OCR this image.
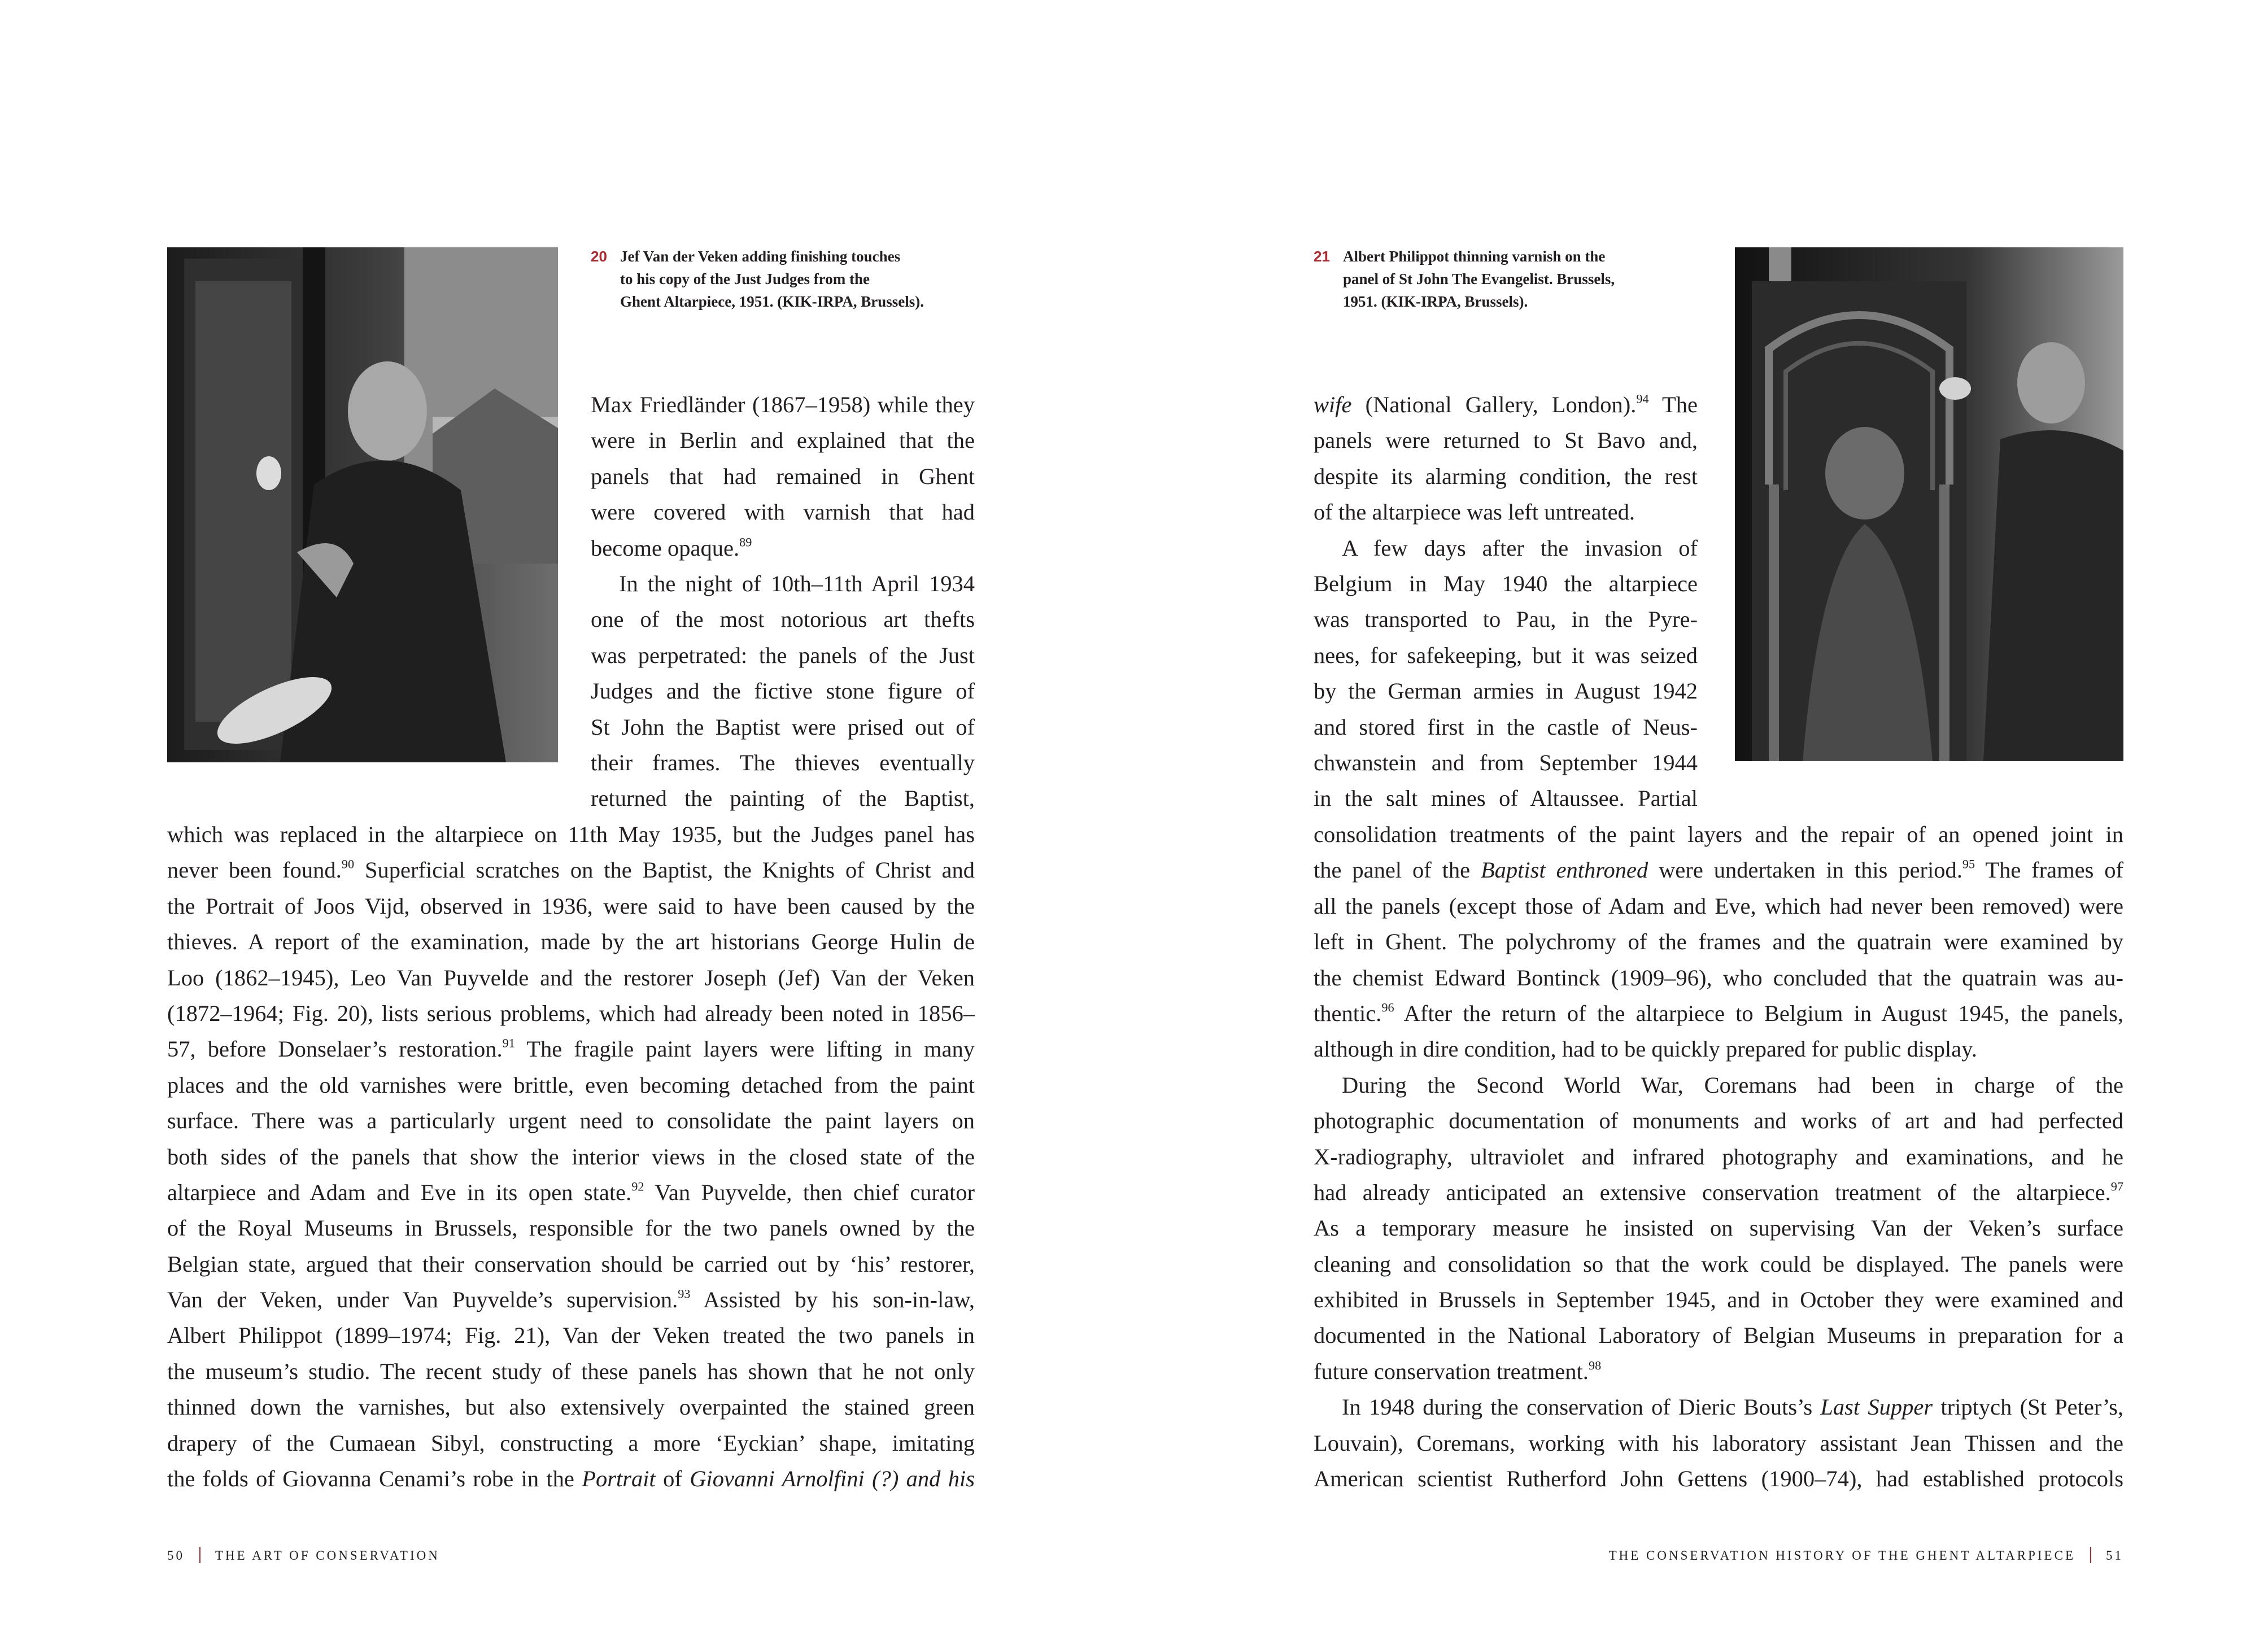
20 Jef Van der Veken adding finishing touches
to his copy of the Just Judges from the
Ghent Altarpiece, 1951. (KIK-IRPA, Brussels).
Max Friedländer (1867–1958) while they
were in Berlin and explained that the
panels that had remained in Ghent
were covered with varnish that had
become opaque.$^{89}$
In the night of 10th–11th April 1934
one of the most notorious art thefts
was perpetrated: the panels of the Just
Judges and the fictive stone figure of
St John the Baptist were prised out of
their frames. The thieves eventually
returned the painting of the Baptist,
which was replaced in the altarpiece on 11th May 1935, but the Judges panel has
never been found.$^{90}$ Superficial scratches on the Baptist, the Knights of Christ and
the Portrait of Joos Vijd, observed in 1936, were said to have been caused by the
thieves. A report of the examination, made by the art historians George Hulin de
Loo (1862–1945), Leo Van Puyvelde and the restorer Joseph (Jef) Van der Veken
(1872–1964; Fig. 20), lists serious problems, which had already been noted in 1856–
57, before Donselaer’s restoration.$^{91}$ The fragile paint layers were lifting in many
places and the old varnishes were brittle, even becoming detached from the paint
surface. There was a particularly urgent need to consolidate the paint layers on
both sides of the panels that show the interior views in the closed state of the
altarpiece and Adam and Eve in its open state.$^{92}$ Van Puyvelde, then chief curator
of the Royal Museums in Brussels, responsible for the two panels owned by the
Belgian state, argued that their conservation should be carried out by ‘his’ restorer,
Van der Veken, under Van Puyvelde’s supervision.$^{93}$ Assisted by his son-in-law,
Albert Philippot (1899–1974; Fig. 21), Van der Veken treated the two panels in
the museum’s studio. The recent study of these panels has shown that he not only
thinned down the varnishes, but also extensively overpainted the stained green
drapery of the Cumaean Sibyl, constructing a more ‘Eyckian’ shape, imitating
the folds of Giovanna Cenami’s robe in the Portrait of Giovanni Arnolfini (?) and his
50 THE ART OF CONSERVATION
21 Albert Philippot thinning varnish on the
panel of St John The Evangelist. Brussels,
1951. (KIK-IRPA, Brussels).
wife (National Gallery, London).$^{94}$ The
panels were returned to St Bavo and,
despite its alarming condition, the rest
of the altarpiece was left untreated.
A few days after the invasion of
Belgium in May 1940 the altarpiece
was transported to Pau, in the Pyre-
nees, for safekeeping, but it was seized
by the German armies in August 1942
and stored first in the castle of Neus-
chwanstein and from September 1944
in the salt mines of Altaussee. Partial
consolidation treatments of the paint layers and the repair of an opened joint in
the panel of the Baptist enthroned were undertaken in this period.$^{95}$ The frames of
all the panels (except those of Adam and Eve, which had never been removed) were
left in Ghent. The polychromy of the frames and the quatrain were examined by
the chemist Edward Bontinck (1909–96), who concluded that the quatrain was au-
thentic.$^{96}$ After the return of the altarpiece to Belgium in August 1945, the panels,
although in dire condition, had to be quickly prepared for public display.
During the Second World War, Coremans had been in charge of the
photographic documentation of monuments and works of art and had perfected
X-radiography, ultraviolet and infrared photography and examinations, and he
had already anticipated an extensive conservation treatment of the altarpiece.$^{97}$
As a temporary measure he insisted on supervising Van der Veken’s surface
cleaning and consolidation so that the work could be displayed. The panels were
exhibited in Brussels in September 1945, and in October they were examined and
documented in the National Laboratory of Belgian Museums in preparation for a
future conservation treatment.$^{98}$
In 1948 during the conservation of Dieric Bouts’s Last Supper triptych (St Peter’s,
Louvain), Coremans, working with his laboratory assistant Jean Thissen and the
American scientist Rutherford John Gettens (1900–74), had established protocols
THE CONSERVATION HISTORY OF THE GHENT ALTARPIECE 51
